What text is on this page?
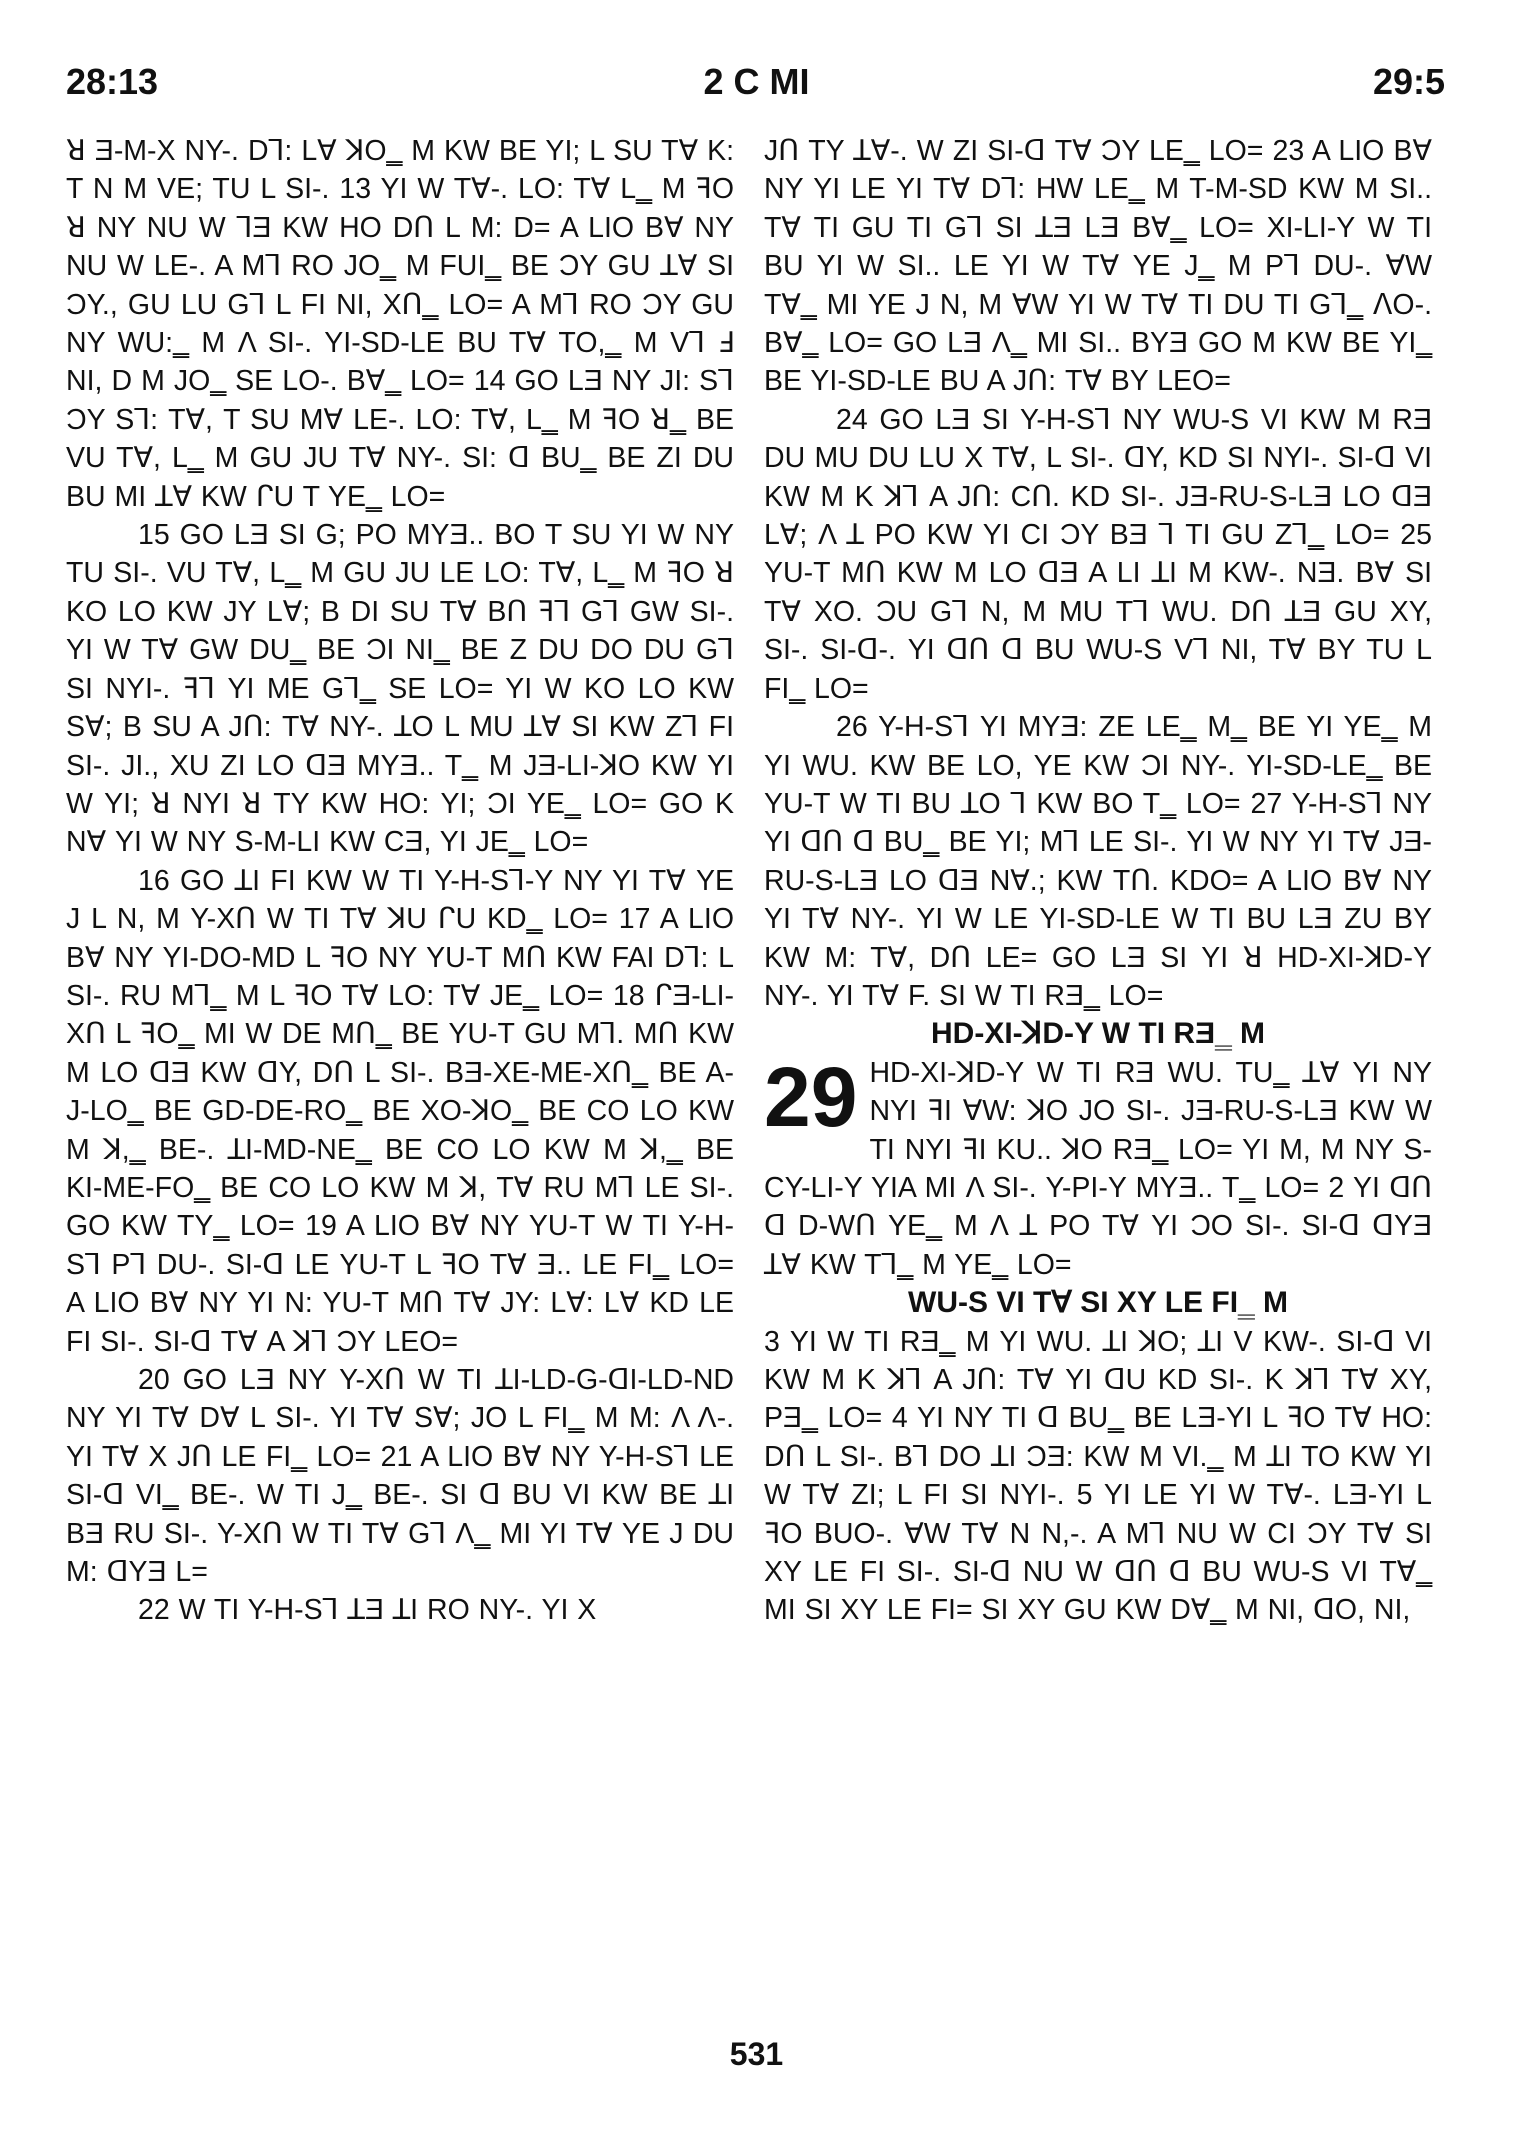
28:13	2 C MI	29:5

ꓤ Ǝ-M-X NY-. Dꓶ: Lꓯ ꓘO‗ M KW BE YI; L SU Tꓯ K: T N M VE; TU L SI-. 13 YI W Tꓯ-. LO: Tꓯ L‗ M ꟻO ꓤ NY NU W ꓶƎ KW HO Dꓵ L M: D= A LIO Bꓯ NY NU W LE-. A Mꓶ RO JO‗ M FUI‗ BE ƆY GU ꓕꓯ SI ƆY., GU LU Gꓶ L FI NI, Xꓵ‗ LO= A Mꓶ RO ƆY GU NY WU:‗ M Λ SI-. YI-SD-LE BU Tꓯ TO,‗ M Vꓶ Ⅎ NI, D M JO‗ SE LO-. Bꓯ‗ LO= 14 GO LƎ NY JI: Sꓶ ƆY Sꓶ: Tꓯ, T SU Mꓯ LE-. LO: Tꓯ, L‗ M ꟻO ꓤ‗ BE VU Tꓯ, L‗ M GU JU Tꓯ NY-. SI: ꓷ BU‗ BE ZI DU BU MI ꓕꓯ KW ᒋU T YE‗ LO=

15 GO LƎ SI G; PO MYƎ.. BO T SU YI W NY TU SI-. VU Tꓯ, L‗ M GU JU LE LO: Tꓯ, L‗ M ꟻO ꓤ KO LO KW JY Lꓯ; B DI SU Tꓯ Bꓵ ꟻꓶ Gꓶ GW SI-. YI W Tꓯ GW DU‗ BE ƆI NI‗ BE Z DU DO DU Gꓶ SI NYI-. ꟻꓶ YI ME Gꓶ‗ SE LO= YI W KO LO KW Sꓯ; B SU A Jꓵ: Tꓯ NY-. ꓕO L MU ꓕꓯ SI KW Zꓶ FI SI-. JI., XU ZI LO ꓷƎ MYƎ.. T‗ M JƎ-LI-ꓘO KW YI W YI; ꓤ NYI ꓤ TY KW HO: YI; ƆI YE‗ LO= GO K Nꓯ YI W NY S-M-LI KW CƎ, YI JE‗ LO=

16 GO ꓕI FI KW W TI Y-H-Sꓶ-Y NY YI Tꓯ YE J L N, M Y-Xꓵ W TI Tꓯ ꓘU ᒋU KD‗ LO= 17 A LIO Bꓯ NY YI-DO-MD L ꟻO NY YU-T Mꓵ KW FAI Dꓶ: L SI-. RU Mꓶ‗ M L ꟻO Tꓯ LO: Tꓯ JE‗ LO= 18 ᒋƎ-LI-Xꓵ L ꟻO‗ MI W DE Mꓵ‗ BE YU-T GU Mꓶ. Mꓵ KW M LO ꓷƎ KW ꓷY, Dꓵ L SI-. BƎ-XE-ME-Xꓵ‗ BE A-J-LO‗ BE GD-DE-RO‗ BE XO-ꓘO‗ BE CO LO KW M ꓘ,‗ BE-. ꓕI-MD-NE‗ BE CO LO KW M ꓘ,‗ BE KI-ME-FO‗ BE CO LO KW M ꓘ, Tꓯ RU Mꓶ LE SI-. GO KW TY‗ LO= 19 A LIO Bꓯ NY YU-T W TI Y-H-Sꓶ Pꓶ DU-. SI-ꓷ LE YU-T L ꟻO Tꓯ Ǝ.. LE FI‗ LO= A LIO Bꓯ NY YI N: YU-T Mꓵ Tꓯ JY: Lꓯ: Lꓯ KD LE FI SI-. SI-ꓷ Tꓯ A ꓘꓶ ƆY LEO=

20 GO LƎ NY Y-Xꓵ W TI ꓕI-LD-G-ꓷI-LD-ND NY YI Tꓯ Dꓯ L SI-. YI Tꓯ Sꓯ; JO L FI‗ M M: Λ Λ-. YI Tꓯ X Jꓵ LE FI‗ LO= 21 A LIO Bꓯ NY Y-H-Sꓶ LE SI-ꓷ VI‗ BE-. W TI J‗ BE-. SI ꓷ BU VI KW BE ꓕI BƎ RU SI-. Y-Xꓵ W TI Tꓯ Gꓶ Λ‗ MI YI Tꓯ YE J DU M: ꓷYƎ L=

22 W TI Y-H-Sꓶ ꓕƎ ꓕI RO NY-. YI X

Jꓵ TY ꓕꓯ-. W ZI SI-ꓷ Tꓯ ƆY LE‗ LO= 23 A LIO Bꓯ NY YI LE YI Tꓯ Dꓶ: HW LE‗ M T-M-SD KW M SI.. Tꓯ TI GU TI Gꓶ SI ꓕƎ LƎ Bꓯ‗ LO= XI-LI-Y W TI BU YI W SI.. LE YI W Tꓯ YE J‗ M Pꓶ DU-. ꓯW Tꓯ‗ MI YE J N, M ꓯW YI W Tꓯ TI DU TI Gꓶ‗ ꓥO-. Bꓯ‗ LO= GO LƎ Λ‗ MI SI.. BYƎ GO M KW BE YI‗ BE YI-SD-LE BU A Jꓵ: Tꓯ BY LEO=

24 GO LƎ SI Y-H-Sꓶ NY WU-S VI KW M RƎ DU MU DU LU X Tꓯ, L SI-. ꓷY, KD SI NYI-. SI-ꓷ VI KW M K ꓘꓶ A Jꓵ: Cꓵ. KD SI-. JƎ-RU-S-LƎ LO ꓷƎ Lꓯ; Λ ꓕ PO KW YI CI ƆY BƎ ꓶ TI GU Zꓶ‗ LO= 25 YU-T Mꓵ KW M LO ꓷƎ A LI ꓕI M KW-. NƎ. Bꓯ SI Tꓯ XO. ƆU Gꓶ N, M MU Tꓶ WU. Dꓵ ꓕƎ GU XY, SI-. SI-ꓷ-. YI ꓷꓵ ꓷ BU WU-S Vꓶ NI, Tꓯ BY TU L FI‗ LO=

26 Y-H-Sꓶ YI MYƎ: ZE LE‗ M‗ BE YI YE‗ M YI WU. KW BE LO, YE KW ƆI NY-. YI-SD-LE‗ BE YU-T W TI BU ꓕO ꓶ KW BO T‗ LO= 27 Y-H-Sꓶ NY YI ꓷꓵ ꓷ BU‗ BE YI; Mꓶ LE SI-. YI W NY YI Tꓯ JƎ-RU-S-LƎ LO ꓷƎ Nꓯ.; KW Tꓵ. KDO= A LIO Bꓯ NY YI Tꓯ NY-. YI W LE YI-SD-LE W TI BU LƎ ZU BY KW M: Tꓯ, Dꓵ LE= GO LƎ SI YI ꓤ HD-XI-ꓘD-Y NY-. YI Tꓯ F. SI W TI RƎ‗ LO=

HD-XI-ꓘD-Y W TI RƎ‗ M
29 HD-XI-ꓘD-Y W TI RƎ WU. TU‗ ꓕꓯ YI NY NYI ꟻI ꓯW: ꓘO JO SI-. JƎ-RU-S-LƎ KW W TI NYI ꟻI KU.. ꓘO RƎ‗ LO= YI M, M NY S-CY-LI-Y YIA MI Λ SI-. Y-PI-Y MYƎ.. T‗ LO= 2 YI ꓷꓵ ꓷ D-Wꓵ YE‗ M Λ ꓕ PO Tꓯ YI ƆO SI-. SI-ꓷ ꓷYƎ ꓕꓯ KW Tꓶ‗ M YE‗ LO=

WU-S VI Tꓯ SI XY LE FI‗ M

3 YI W TI RƎ‗ M YI WU. ꓕI ꓘO; ꓕI V KW-. SI-ꓷ VI KW M K ꓘꓶ A Jꓵ: Tꓯ YI ꓷU KD SI-. K ꓘꓶ Tꓯ XY, PƎ‗ LO= 4 YI NY TI ꓷ BU‗ BE LƎ-YI L ꟻO Tꓯ HO: Dꓵ L SI-. Bꓶ DO ꓕI ƆƎ: KW M VI.‗ M ꓕI TO KW YI W Tꓯ ZI; L FI SI NYI-. 5 YI LE YI W Tꓯ-. LƎ-YI L ꟻO BUO-. ꓯW Tꓯ N N,-. A Mꓶ NU W CI ƆY Tꓯ SI XY LE FI SI-. SI-ꓷ NU W ꓷꓵ ꓷ BU WU-S VI Tꓯ‗ MI SI XY LE FI= SI XY GU KW Dꓯ‗ M NI, ꓷO, NI,

531
